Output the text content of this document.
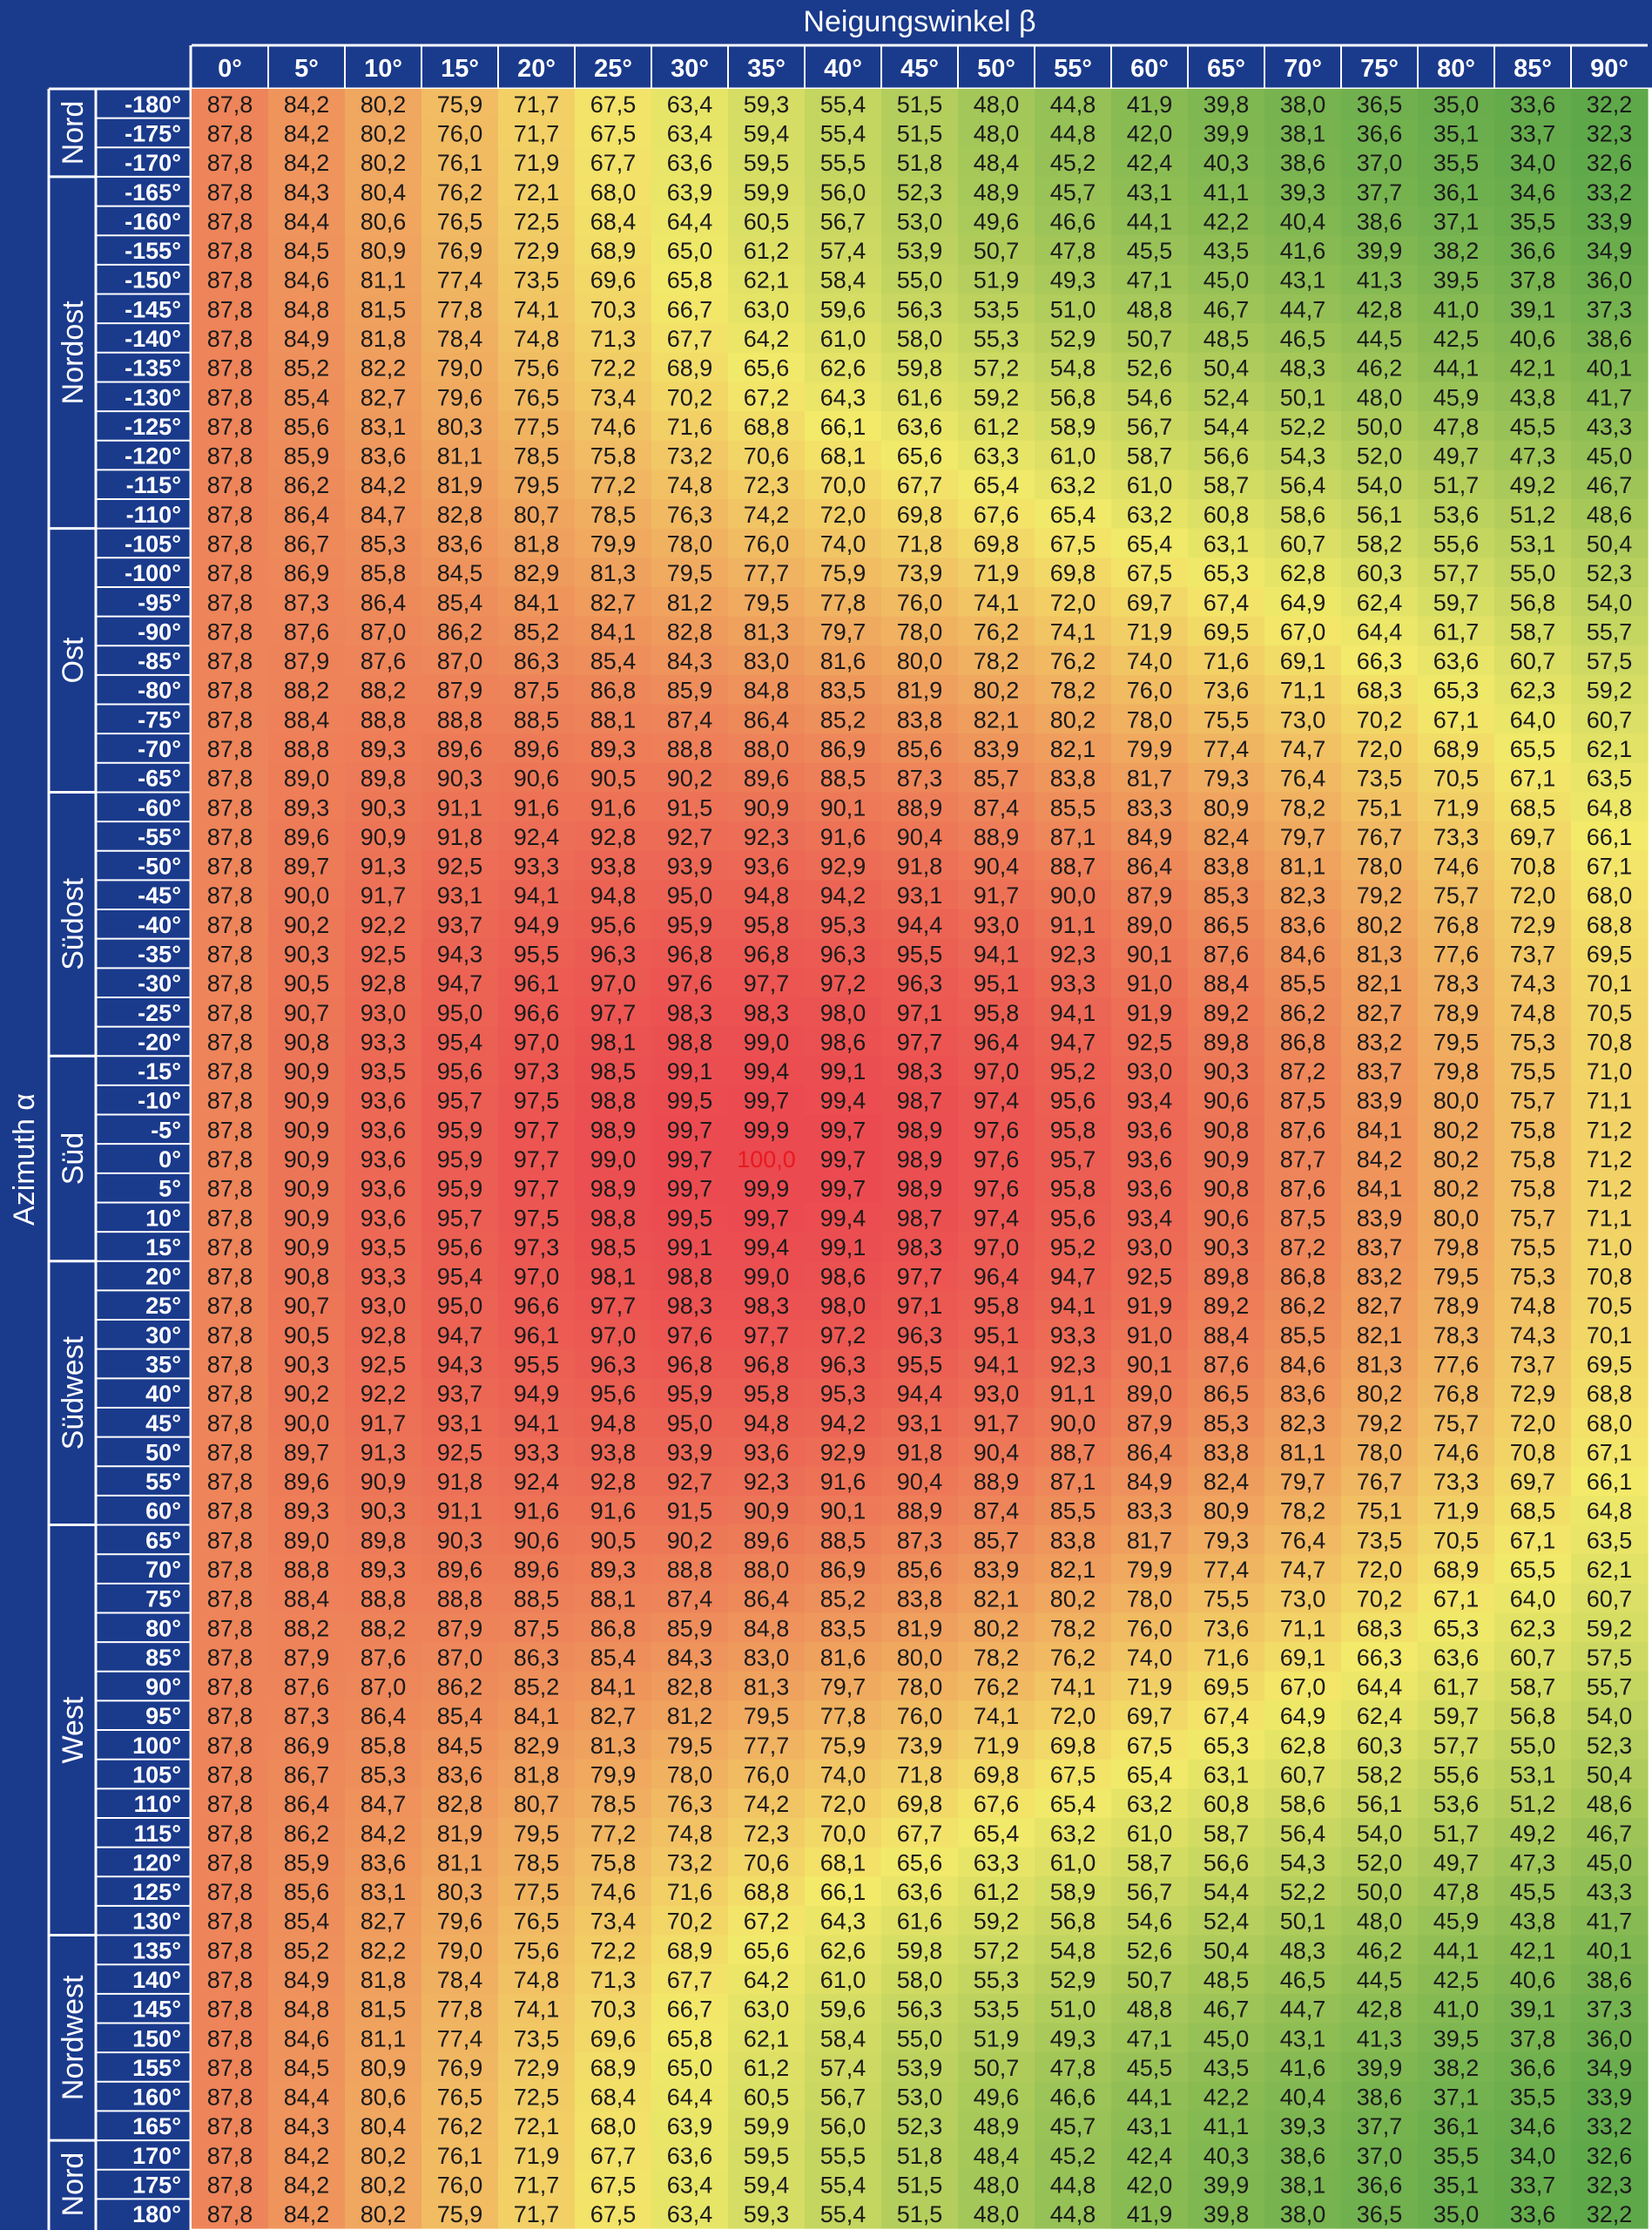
Neigungswinkel β
0° 5° 10° 15° 20° 25° 30° 35° 40° 45° 50° 55° 60° 65° 70° 75° 80° 85° 90°
Azimuth α
Nord
Nordost
Ost
Südost
Süd
Südwest
West
Nordwest
Nord
-180°
-175°
-170°
-165°
-160°
-155°
-150°
-145°
-140°
-135°
-130°
-125°
-120°
-115°
-110°
-105°
-100°
-95°
-90°
-85°
-80°
-75°
-70°
-65°
-60°
-55°
-50°
-45°
-40°
-35°
-30°
-25°
-20°
-15°
-10°
-5°
0°
5°
10°
15°
20°
25°
30°
35°
40°
45°
50°
55°
60°
65°
70°
75°
80°
85°
90°
95°
100°
105°
110°
115°
120°
125°
130°
135°
140°
145°
150°
155°
160°
165°
170°
175°
180°
87,8 84,2 80,2 75,9 71,7 67,5 63,4 59,3 55,4 51,5 48,0 44,8 41,9 39,8 38,0 36,5 35,0 33,6 32,2
87,8 84,2 80,2 76,0 71,7 67,5 63,4 59,4 55,4 51,5 48,0 44,8 42,0 39,9 38,1 36,6 35,1 33,7 32,3
87,8 84,2 80,2 76,1 71,9 67,7 63,6 59,5 55,5 51,8 48,4 45,2 42,4 40,3 38,6 37,0 35,5 34,0 32,6
87,8 84,3 80,4 76,2 72,1 68,0 63,9 59,9 56,0 52,3 48,9 45,7 43,1 41,1 39,3 37,7 36,1 34,6 33,2
87,8 84,4 80,6 76,5 72,5 68,4 64,4 60,5 56,7 53,0 49,6 46,6 44,1 42,2 40,4 38,6 37,1 35,5 33,9
87,8 84,5 80,9 76,9 72,9 68,9 65,0 61,2 57,4 53,9 50,7 47,8 45,5 43,5 41,6 39,9 38,2 36,6 34,9
87,8 84,6 81,1 77,4 73,5 69,6 65,8 62,1 58,4 55,0 51,9 49,3 47,1 45,0 43,1 41,3 39,5 37,8 36,0
87,8 84,8 81,5 77,8 74,1 70,3 66,7 63,0 59,6 56,3 53,5 51,0 48,8 46,7 44,7 42,8 41,0 39,1 37,3
87,8 84,9 81,8 78,4 74,8 71,3 67,7 64,2 61,0 58,0 55,3 52,9 50,7 48,5 46,5 44,5 42,5 40,6 38,6
87,8 85,2 82,2 79,0 75,6 72,2 68,9 65,6 62,6 59,8 57,2 54,8 52,6 50,4 48,3 46,2 44,1 42,1 40,1
87,8 85,4 82,7 79,6 76,5 73,4 70,2 67,2 64,3 61,6 59,2 56,8 54,6 52,4 50,1 48,0 45,9 43,8 41,7
87,8 85,6 83,1 80,3 77,5 74,6 71,6 68,8 66,1 63,6 61,2 58,9 56,7 54,4 52,2 50,0 47,8 45,5 43,3
87,8 85,9 83,6 81,1 78,5 75,8 73,2 70,6 68,1 65,6 63,3 61,0 58,7 56,6 54,3 52,0 49,7 47,3 45,0
87,8 86,2 84,2 81,9 79,5 77,2 74,8 72,3 70,0 67,7 65,4 63,2 61,0 58,7 56,4 54,0 51,7 49,2 46,7
87,8 86,4 84,7 82,8 80,7 78,5 76,3 74,2 72,0 69,8 67,6 65,4 63,2 60,8 58,6 56,1 53,6 51,2 48,6
87,8 86,7 85,3 83,6 81,8 79,9 78,0 76,0 74,0 71,8 69,8 67,5 65,4 63,1 60,7 58,2 55,6 53,1 50,4
87,8 86,9 85,8 84,5 82,9 81,3 79,5 77,7 75,9 73,9 71,9 69,8 67,5 65,3 62,8 60,3 57,7 55,0 52,3
87,8 87,3 86,4 85,4 84,1 82,7 81,2 79,5 77,8 76,0 74,1 72,0 69,7 67,4 64,9 62,4 59,7 56,8 54,0
87,8 87,6 87,0 86,2 85,2 84,1 82,8 81,3 79,7 78,0 76,2 74,1 71,9 69,5 67,0 64,4 61,7 58,7 55,7
87,8 87,9 87,6 87,0 86,3 85,4 84,3 83,0 81,6 80,0 78,2 76,2 74,0 71,6 69,1 66,3 63,6 60,7 57,5
87,8 88,2 88,2 87,9 87,5 86,8 85,9 84,8 83,5 81,9 80,2 78,2 76,0 73,6 71,1 68,3 65,3 62,3 59,2
87,8 88,4 88,8 88,8 88,5 88,1 87,4 86,4 85,2 83,8 82,1 80,2 78,0 75,5 73,0 70,2 67,1 64,0 60,7
87,8 88,8 89,3 89,6 89,6 89,3 88,8 88,0 86,9 85,6 83,9 82,1 79,9 77,4 74,7 72,0 68,9 65,5 62,1
87,8 89,0 89,8 90,3 90,6 90,5 90,2 89,6 88,5 87,3 85,7 83,8 81,7 79,3 76,4 73,5 70,5 67,1 63,5
87,8 89,3 90,3 91,1 91,6 91,6 91,5 90,9 90,1 88,9 87,4 85,5 83,3 80,9 78,2 75,1 71,9 68,5 64,8
87,8 89,6 90,9 91,8 92,4 92,8 92,7 92,3 91,6 90,4 88,9 87,1 84,9 82,4 79,7 76,7 73,3 69,7 66,1
87,8 89,7 91,3 92,5 93,3 93,8 93,9 93,6 92,9 91,8 90,4 88,7 86,4 83,8 81,1 78,0 74,6 70,8 67,1
87,8 90,0 91,7 93,1 94,1 94,8 95,0 94,8 94,2 93,1 91,7 90,0 87,9 85,3 82,3 79,2 75,7 72,0 68,0
87,8 90,2 92,2 93,7 94,9 95,6 95,9 95,8 95,3 94,4 93,0 91,1 89,0 86,5 83,6 80,2 76,8 72,9 68,8
87,8 90,3 92,5 94,3 95,5 96,3 96,8 96,8 96,3 95,5 94,1 92,3 90,1 87,6 84,6 81,3 77,6 73,7 69,5
87,8 90,5 92,8 94,7 96,1 97,0 97,6 97,7 97,2 96,3 95,1 93,3 91,0 88,4 85,5 82,1 78,3 74,3 70,1
87,8 90,7 93,0 95,0 96,6 97,7 98,3 98,3 98,0 97,1 95,8 94,1 91,9 89,2 86,2 82,7 78,9 74,8 70,5
87,8 90,8 93,3 95,4 97,0 98,1 98,8 99,0 98,6 97,7 96,4 94,7 92,5 89,8 86,8 83,2 79,5 75,3 70,8
87,8 90,9 93,5 95,6 97,3 98,5 99,1 99,4 99,1 98,3 97,0 95,2 93,0 90,3 87,2 83,7 79,8 75,5 71,0
87,8 90,9 93,6 95,7 97,5 98,8 99,5 99,7 99,4 98,7 97,4 95,6 93,4 90,6 87,5 83,9 80,0 75,7 71,1
87,8 90,9 93,6 95,9 97,7 98,9 99,7 99,9 99,7 98,9 97,6 95,8 93,6 90,8 87,6 84,1 80,2 75,8 71,2
87,8 90,9 93,6 95,9 97,7 99,0 99,7 100,0 99,7 98,9 97,6 95,7 93,6 90,9 87,7 84,2 80,2 75,8 71,2
87,8 90,9 93,6 95,9 97,7 98,9 99,7 99,9 99,7 98,9 97,6 95,8 93,6 90,8 87,6 84,1 80,2 75,8 71,2
87,8 90,9 93,6 95,7 97,5 98,8 99,5 99,7 99,4 98,7 97,4 95,6 93,4 90,6 87,5 83,9 80,0 75,7 71,1
87,8 90,9 93,5 95,6 97,3 98,5 99,1 99,4 99,1 98,3 97,0 95,2 93,0 90,3 87,2 83,7 79,8 75,5 71,0
87,8 90,8 93,3 95,4 97,0 98,1 98,8 99,0 98,6 97,7 96,4 94,7 92,5 89,8 86,8 83,2 79,5 75,3 70,8
87,8 90,7 93,0 95,0 96,6 97,7 98,3 98,3 98,0 97,1 95,8 94,1 91,9 89,2 86,2 82,7 78,9 74,8 70,5
87,8 90,5 92,8 94,7 96,1 97,0 97,6 97,7 97,2 96,3 95,1 93,3 91,0 88,4 85,5 82,1 78,3 74,3 70,1
87,8 90,3 92,5 94,3 95,5 96,3 96,8 96,8 96,3 95,5 94,1 92,3 90,1 87,6 84,6 81,3 77,6 73,7 69,5
87,8 90,2 92,2 93,7 94,9 95,6 95,9 95,8 95,3 94,4 93,0 91,1 89,0 86,5 83,6 80,2 76,8 72,9 68,8
87,8 90,0 91,7 93,1 94,1 94,8 95,0 94,8 94,2 93,1 91,7 90,0 87,9 85,3 82,3 79,2 75,7 72,0 68,0
87,8 89,7 91,3 92,5 93,3 93,8 93,9 93,6 92,9 91,8 90,4 88,7 86,4 83,8 81,1 78,0 74,6 70,8 67,1
87,8 89,6 90,9 91,8 92,4 92,8 92,7 92,3 91,6 90,4 88,9 87,1 84,9 82,4 79,7 76,7 73,3 69,7 66,1
87,8 89,3 90,3 91,1 91,6 91,6 91,5 90,9 90,1 88,9 87,4 85,5 83,3 80,9 78,2 75,1 71,9 68,5 64,8
87,8 89,0 89,8 90,3 90,6 90,5 90,2 89,6 88,5 87,3 85,7 83,8 81,7 79,3 76,4 73,5 70,5 67,1 63,5
87,8 88,8 89,3 89,6 89,6 89,3 88,8 88,0 86,9 85,6 83,9 82,1 79,9 77,4 74,7 72,0 68,9 65,5 62,1
87,8 88,4 88,8 88,8 88,5 88,1 87,4 86,4 85,2 83,8 82,1 80,2 78,0 75,5 73,0 70,2 67,1 64,0 60,7
87,8 88,2 88,2 87,9 87,5 86,8 85,9 84,8 83,5 81,9 80,2 78,2 76,0 73,6 71,1 68,3 65,3 62,3 59,2
87,8 87,9 87,6 87,0 86,3 85,4 84,3 83,0 81,6 80,0 78,2 76,2 74,0 71,6 69,1 66,3 63,6 60,7 57,5
87,8 87,6 87,0 86,2 85,2 84,1 82,8 81,3 79,7 78,0 76,2 74,1 71,9 69,5 67,0 64,4 61,7 58,7 55,7
87,8 87,3 86,4 85,4 84,1 82,7 81,2 79,5 77,8 76,0 74,1 72,0 69,7 67,4 64,9 62,4 59,7 56,8 54,0
87,8 86,9 85,8 84,5 82,9 81,3 79,5 77,7 75,9 73,9 71,9 69,8 67,5 65,3 62,8 60,3 57,7 55,0 52,3
87,8 86,7 85,3 83,6 81,8 79,9 78,0 76,0 74,0 71,8 69,8 67,5 65,4 63,1 60,7 58,2 55,6 53,1 50,4
87,8 86,4 84,7 82,8 80,7 78,5 76,3 74,2 72,0 69,8 67,6 65,4 63,2 60,8 58,6 56,1 53,6 51,2 48,6
87,8 86,2 84,2 81,9 79,5 77,2 74,8 72,3 70,0 67,7 65,4 63,2 61,0 58,7 56,4 54,0 51,7 49,2 46,7
87,8 85,9 83,6 81,1 78,5 75,8 73,2 70,6 68,1 65,6 63,3 61,0 58,7 56,6 54,3 52,0 49,7 47,3 45,0
87,8 85,6 83,1 80,3 77,5 74,6 71,6 68,8 66,1 63,6 61,2 58,9 56,7 54,4 52,2 50,0 47,8 45,5 43,3
87,8 85,4 82,7 79,6 76,5 73,4 70,2 67,2 64,3 61,6 59,2 56,8 54,6 52,4 50,1 48,0 45,9 43,8 41,7
87,8 85,2 82,2 79,0 75,6 72,2 68,9 65,6 62,6 59,8 57,2 54,8 52,6 50,4 48,3 46,2 44,1 42,1 40,1
87,8 84,9 81,8 78,4 74,8 71,3 67,7 64,2 61,0 58,0 55,3 52,9 50,7 48,5 46,5 44,5 42,5 40,6 38,6
87,8 84,8 81,5 77,8 74,1 70,3 66,7 63,0 59,6 56,3 53,5 51,0 48,8 46,7 44,7 42,8 41,0 39,1 37,3
87,8 84,6 81,1 77,4 73,5 69,6 65,8 62,1 58,4 55,0 51,9 49,3 47,1 45,0 43,1 41,3 39,5 37,8 36,0
87,8 84,5 80,9 76,9 72,9 68,9 65,0 61,2 57,4 53,9 50,7 47,8 45,5 43,5 41,6 39,9 38,2 36,6 34,9
87,8 84,4 80,6 76,5 72,5 68,4 64,4 60,5 56,7 53,0 49,6 46,6 44,1 42,2 40,4 38,6 37,1 35,5 33,9
87,8 84,3 80,4 76,2 72,1 68,0 63,9 59,9 56,0 52,3 48,9 45,7 43,1 41,1 39,3 37,7 36,1 34,6 33,2
87,8 84,2 80,2 76,1 71,9 67,7 63,6 59,5 55,5 51,8 48,4 45,2 42,4 40,3 38,6 37,0 35,5 34,0 32,6
87,8 84,2 80,2 76,0 71,7 67,5 63,4 59,4 55,4 51,5 48,0 44,8 42,0 39,9 38,1 36,6 35,1 33,7 32,3
87,8 84,2 80,2 75,9 71,7 67,5 63,4 59,3 55,4 51,5 48,0 44,8 41,9 39,8 38,0 36,5 35,0 33,6 32,2
